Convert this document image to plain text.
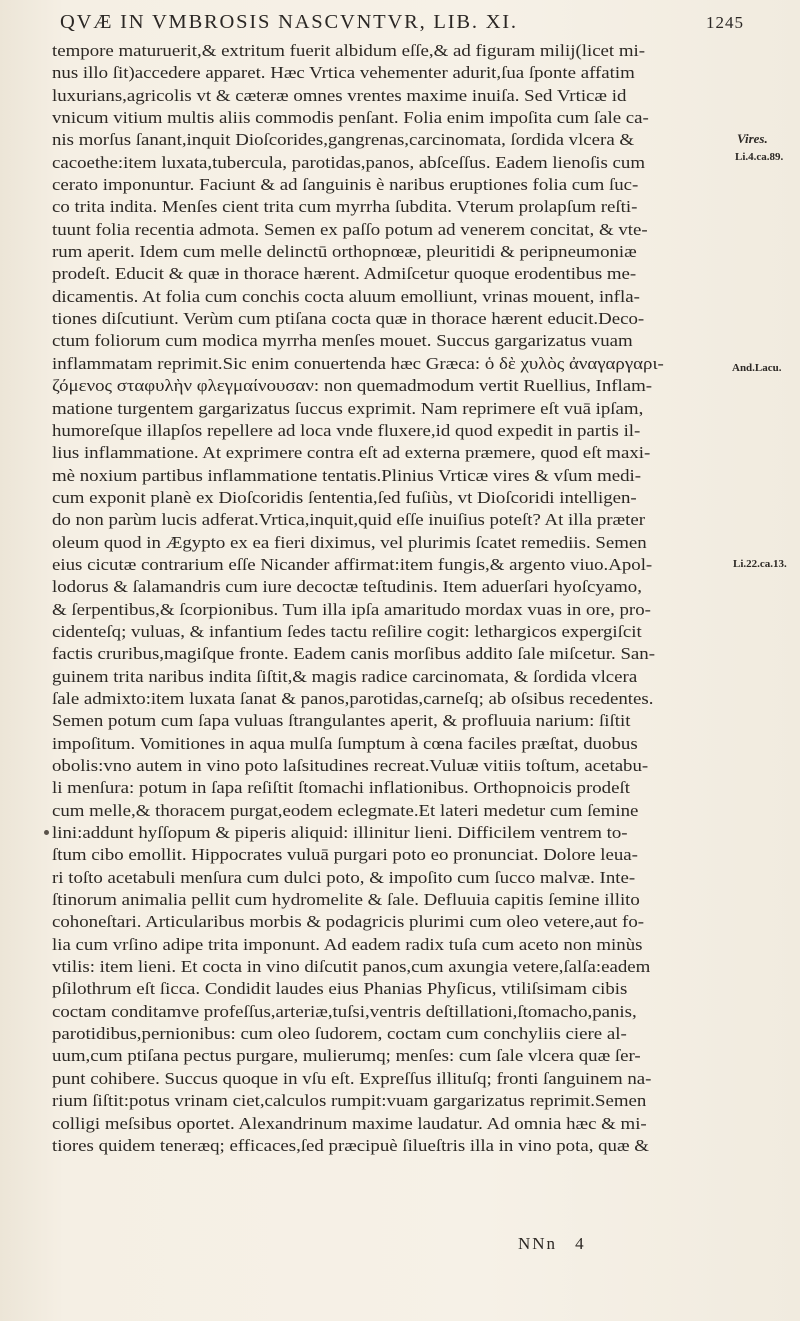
QVÆ IN VMBROSIS NASCVNTVR, LIB. XI.	1245
tempore maturuerit,& extritum fuerit albidum eſſe,& ad figuram milij(licet mi-
nus illo ſit)accedere apparet. Hæc Vrtica vehementer adurit,ſua ſponte affatim
luxurians,agricolis vt & cæteræ omnes vrentes maxime inuiſa. Sed Vrticæ id
vnicum vitium multis aliis commodis penſant. Folia enim impoſita cum ſale ca-
nis morſus ſanant,inquit Dioſcorides,gangrenas,carcinomata, ſordida vlcera &
cacoethe:item luxata,tubercula, parotidas,panos, abſceſſus. Eadem lienoſis cum
cerato imponuntur. Faciunt & ad ſanguinis è naribus eruptiones folia cum ſuc-
co trita indita. Menſes cient trita cum myrrha ſubdita. Vterum prolapſum reſti-
tuunt folia recentia admota. Semen ex paſſo potum ad venerem concitat, & vte-
rum aperit. Idem cum melle delinctū orthopnœæ, pleuritidi & peripneumoniæ
prodeſt. Educit & quæ in thorace hærent. Admiſcetur quoque erodentibus me-
dicamentis. At folia cum conchis cocta aluum emolliunt, vrinas mouent, infla-
tiones diſcutiunt. Verùm cum ptiſana cocta quæ in thorace hærent educit.Deco-
ctum foliorum cum modica myrrha menſes mouet. Succus gargarizatus vuam
inflammatam reprimit.Sic enim conuertenda hæc Græca: ὁ δὲ χυλὸς ἀναγαργαρι-
ζόμενος σταφυλὴν φλεγμαίνουσαν: non quemadmodum vertit Ruellius, Inflam-
matione turgentem gargarizatus ſuccus exprimit. Nam reprimere eſt vuā ipſam,
humoreſque illapſos repellere ad loca vnde fluxere,id quod expedit in partis il-
lius inflammatione. At exprimere contra eſt ad externa præmere, quod eſt maxi-
mè noxium partibus inflammatione tentatis.Plinius Vrticæ vires & vſum medi-
cum exponit planè ex Dioſcoridis ſententia,ſed fuſiùs, vt Dioſcoridi intelligen-
do non parùm lucis adferat.Vrtica,inquit,quid eſſe inuiſius poteſt? At illa præter
oleum quod in Ægypto ex ea fieri diximus, vel plurimis ſcatet remediis. Semen
eius cicutæ contrarium eſſe Nicander affirmat:item fungis,& argento viuo.Apol-
lodorus & ſalamandris cum iure decoctæ teſtudinis. Item aduerſari hyoſcyamo,
& ſerpentibus,& ſcorpionibus. Tum illa ipſa amaritudo mordax vuas in ore, pro-
cidenteſq; vuluas, & infantium ſedes tactu reſilire cogit: lethargicos expergiſcit
factis cruribus,magiſque fronte. Eadem canis morſibus addito ſale miſcetur. San-
guinem trita naribus indita ſiſtit,& magis radice carcinomata, & ſordida vlcera
ſale admixto:item luxata ſanat & panos,parotidas,carneſq; ab oſsibus recedentes.
Semen potum cum ſapa vuluas ſtrangulantes aperit, & profluuia narium: ſiſtit
impoſitum. Vomitiones in aqua mulſa ſumptum à cœna faciles præſtat, duobus
obolis:vno autem in vino poto laſsitudines recreat.Vuluæ vitiis toſtum, acetabu-
li menſura: potum in ſapa reſiſtit ſtomachi inflationibus. Orthopnoicis prodeſt
cum melle,& thoracem purgat,eodem eclegmate.Et lateri medetur cum ſemine
lini:addunt hyſſopum & piperis aliquid: illinitur lieni. Difficilem ventrem to-
ſtum cibo emollit. Hippocrates vuluā purgari poto eo pronunciat. Dolore leua-
ri toſto acetabuli menſura cum dulci poto, & impoſito cum ſucco malvæ. Inte-
ſtinorum animalia pellit cum hydromelite & ſale. Defluuia capitis ſemine illito
cohoneſtari. Articularibus morbis & podagricis plurimi cum oleo vetere,aut fo-
lia cum vrſino adipe trita imponunt. Ad eadem radix tuſa cum aceto non minùs
vtilis: item lieni. Et cocta in vino diſcutit panos,cum axungia vetere,ſalſa:eadem
pſilothrum eſt ſicca. Condidit laudes eius Phanias Phyſicus, vtiliſsimam cibis
coctam conditamve profeſſus,arteriæ,tuſsi,ventris deſtillationi,ſtomacho,panis,
parotidibus,pernionibus: cum oleo ſudorem, coctam cum conchyliis ciere al-
uum,cum ptiſana pectus purgare, mulierumq; menſes: cum ſale vlcera quæ ſer-
punt cohibere. Succus quoque in vſu eſt. Expreſſus illituſq; fronti ſanguinem na-
rium ſiſtit:potus vrinam ciet,calculos rumpit:vuam gargarizatus reprimit.Semen
colligi meſsibus oportet. Alexandrinum maxime laudatur. Ad omnia hæc & mi-
tiores quidem teneræq; efficaces,ſed præcipuè ſilueſtris illa in vino pota, quæ &
Vires.
Li.4.ca.89.
And.Lacu.
Li.22.ca.13.
NNn 4
